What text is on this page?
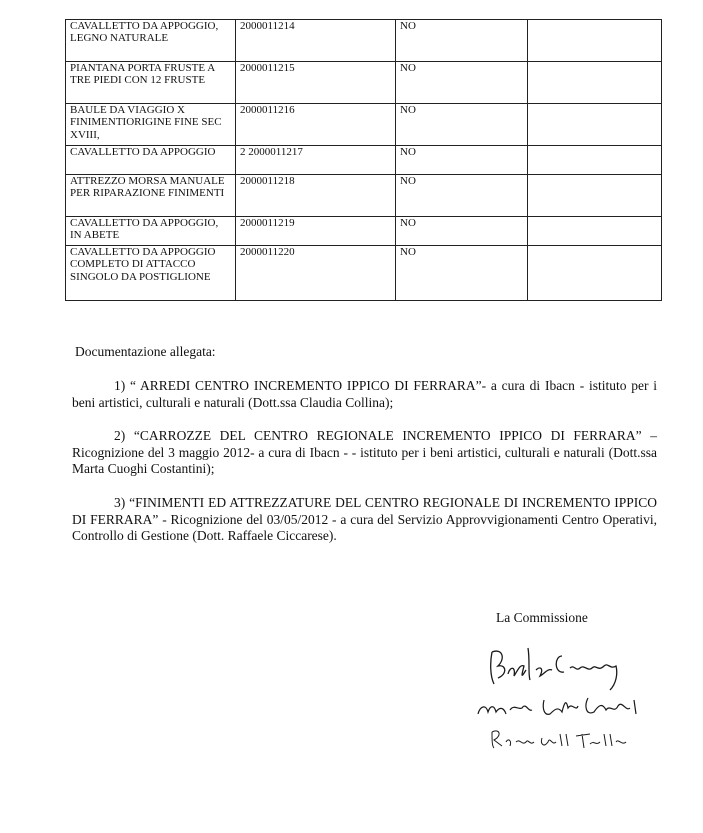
CAVALLETTO DA APPOGGIO, LEGNO NATURALE	2000011214	NO	
PIANTANA PORTA FRUSTE A TRE PIEDI CON 12 FRUSTE	2000011215	NO	
BAULE DA VIAGGIO X FINIMENTIORIGINE FINE SEC XVIII,	2000011216	NO	
CAVALLETTO DA APPOGGIO	2 2000011217	NO	
ATTREZZO MORSA MANUALE PER RIPARAZIONE FINIMENTI	2000011218	NO	
CAVALLETTO DA APPOGGIO, IN ABETE	2000011219	NO	
CAVALLETTO DA APPOGGIO COMPLETO DI ATTACCO SINGOLO DA POSTIGLIONE	2000011220	NO	
Documentazione allegata:
1) “ ARREDI CENTRO INCREMENTO IPPICO DI FERRARA”- a cura di Ibacn - istituto per i beni artistici, culturali e naturali (Dott.ssa Claudia Collina);
2) “CARROZZE DEL CENTRO REGIONALE INCREMENTO IPPICO DI FERRARA” – Ricognizione del 3 maggio 2012- a cura di Ibacn - - istituto per i beni artistici, culturali e naturali (Dott.ssa Marta Cuoghi Costantini);
3) “FINIMENTI ED ATTREZZATURE DEL CENTRO REGIONALE DI INCREMENTO IPPICO DI FERRARA” - Ricognizione del 03/05/2012 - a cura del Servizio Approvvigionamenti Centro Operativi, Controllo di Gestione (Dott. Raffaele Ciccarese).
La Commissione
